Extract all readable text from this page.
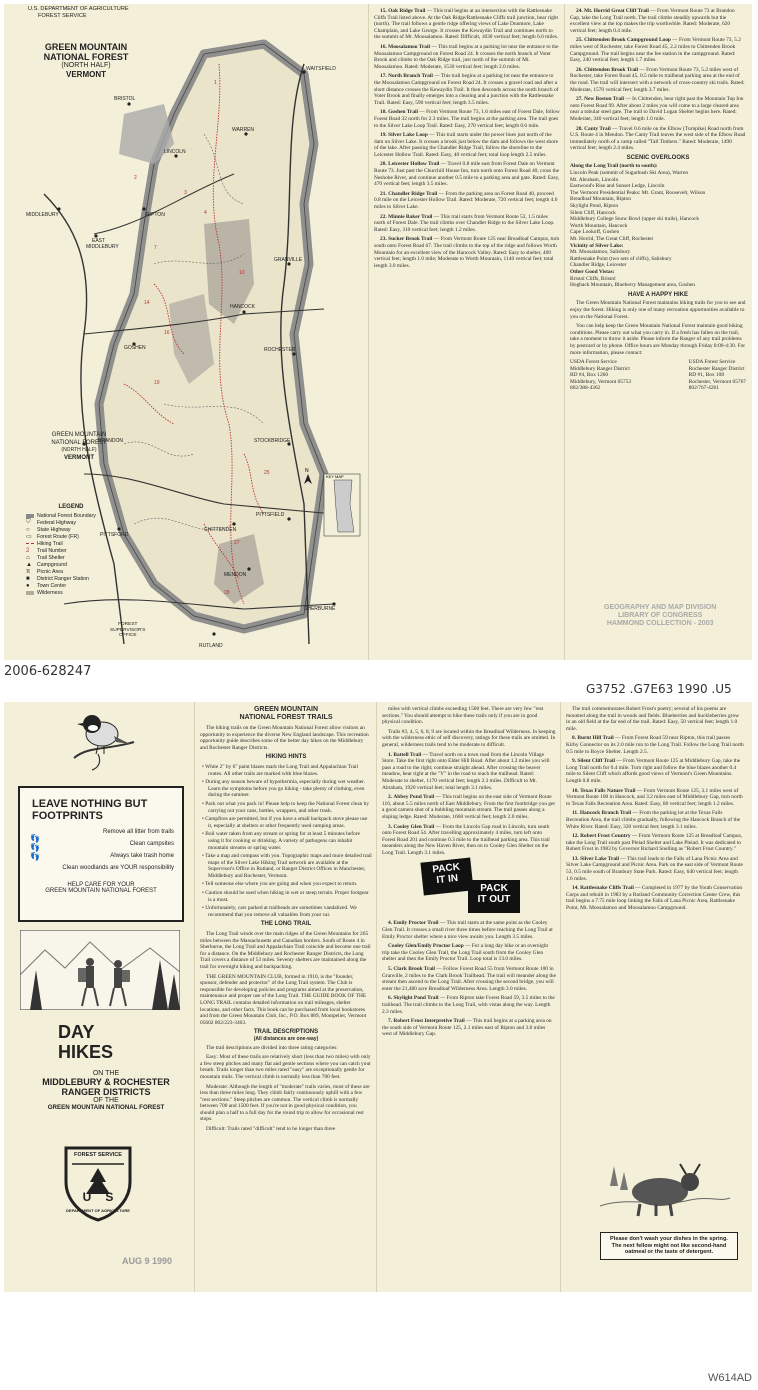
U.S. DEPARTMENT OF AGRICULTURE
FOREST SERVICE
GREEN MOUNTAIN
NATIONAL FOREST
(NORTH HALF)
VERMONT
WAITSFIELD
BRISTOL
WARREN
LINCOLN
MIDDLEBURY
EAST
MIDDLEBURY
RIPTON
GRANVILLE
HANCOCK
ROCHESTER
BRANDON	STOCKBRIDGE
PITTSFIELD
CHITTENDEN
PITTSFORD
MENDON
SHERBURNE
RUTLAND
GOSHEN
1
2
3
4
7
10
14
16
19
25
27
28
N
KEY MAP
GREEN MOUNTAIN
NATIONAL FOREST
(NORTH HALF)
VERMONT
LEGEND
National Forest Boundary
⛉	Federal Highway
○	State Highway
▭	Forest Route (FR)
Hiking Trail
2	Trail Number
⌂	Trail Shelter
▲ Campground
π	Picnic Area
■	District Ranger Station
●	Town Center
Wilderness
FOREST
SUPERVISOR'S
OFFICE

15. Oak Ridge Trail — This trail begins at an intersection with the Rattlesnake Cliffs Trail listed above. At the Oak Ridge/Rattlesnake Cliffs trail junction, bear right (north). The trail follows a gentle ridge offering views of Lake Dunmore, Lake Champlain, and Lake George. It crosses the Kewaydin Trail and continues north to the summit of Mt. Moosalamoo. Rated: Difficult, 1830 vertical feet; length 6.6 miles.

16. Moosalamoo Trail — This trail begins at a parking lot near the entrance to the Moosalamoo Campground on Forest Road 24. It crosses the north branch of Voter Brook and climbs to the Oak Ridge trail, just north of the summit of Mt. Moosalamoo. Rated: Moderate, 1530 vertical feet; length 2.0 miles.

17. North Branch Trail — This trail begins at a parking lot near the entrance to the Moosalamoo Campground on Forest Road 24. It crosses a gravel road and after a short distance crosses the Kewaydin Trail. It then descends across the north branch of Voter Brook and finally emerges into a clearing and a junction with the Rattlesnake Trail. Rated: Easy, 590 vertical feet; length 3.5 miles.

18. Goshen Trail — From Vermont Route 73, 1.6 miles east of Forest Dale, follow Forest Road 32 north for 2.3 miles. The trail begins at the parking area. The trail goes to the Silver Lake Loop Trail. Rated: Easy, 270 vertical feet; length 0.6 mile.

19. Silver Lake Loop — This trail starts under the power lines just north of the dam on Silver Lake. It crosses a brook just below the dam and follows the west shore of the lake. After passing the Chandler Ridge Trail, follow the shoreline to the Leicester Hollow Trail. Rated: Easy, 40 vertical feet; total loop length 2.5 miles.

20. Leicester Hollow Trail — Travel 0.8 mile east from Forest Dale on Vermont Route 73. Just past the Churchill House Inn, turn north onto Forest Road 40, cross the Neshobe River, and continue another 0.5 mile to a parking area and gate. Rated: Easy, 470 vertical feet; length 3.5 miles.

21. Chandler Ridge Trail — From the parking area on Forest Road 40, proceed 0.8 mile on the Leicester Hollow Trail. Rated: Moderate, 720 vertical feet; length 4.0 miles to Silver Lake.

22. Minnie Baker Trail — This trail starts from Vermont Route 53, 1.5 miles north of Forest Dale. The trail climbs over Chandler Ridge to the Silver Lake Loop. Rated: Easy, 310 vertical feet; length 1.2 miles.

23. Sucker Brook Trail — From Vermont Route 125 near Breadloaf Campus, turn south onto Forest Road 67. The trail climbs to the top of the ridge and follows Worth Mountain for an excellent view of the Hancock Valley. Rated: Easy to shelter, 400 vertical feet; length 1.0 mile; Moderate to Worth Mountain, 1140 vertical feet; total length 3.0 miles.

24. Mt. Horrid Great Cliff Trail — From Vermont Route 73 at Brandon Gap, take the Long Trail north. The trail climbs steadily upwards but the excellent view at the top makes the trip worthwhile. Rated: Moderate, 620 vertical feet; length 0.4 mile.

25. Chittenden Brook Campground Loop — From Vermont Route 73, 5.2 miles west of Rochester, take Forest Road 45, 2.2 miles to Chittenden Brook Campground. The trail begins near the fee station in the campground. Rated: Easy, 240 vertical feet; length 1.7 miles.

26. Chittenden Brook Trail — From Vermont Route 73, 5.2 miles west of Rochester, take Forest Road 45, 0.5 mile to trailhead parking area at the end of the road. The trail will intersect with a network of cross-country ski trails. Rated: Moderate, 1570 vertical feet; length 3.7 miles.

27. New Boston Trail — In Chittenden, bear right past the Mountain Top Inn onto Forest Road 99. After about 2 miles you will come to a large cleared area near a tubular steel gate. The trail to David Logan Shelter begins here. Rated: Moderate, 340 vertical feet; length 1.0 mile.

28. Canty Trail — Travel 0.6 mile on the Elbow (Turnpike) Road north from U.S. Route 4 in Mendon. The Canty Trail leaves the west side of the Elbow Road immediately north of a camp called "Tall Timbers." Rated: Moderate, 1490 vertical feet; length 2.4 miles.

SCENIC OVERLOOKS
Along the Long Trail (north to south):
Lincoln Peak (summit of Sugarbush Ski Area), Warren
Mt. Abraham, Lincoln
Eastwood's Rise and Sunset Ledge, Lincoln
The Vermont Presidential Peaks: Mt. Grant, Roosevelt, Wilson
Breadloaf Mountain, Ripton
Skylight Pond, Ripton
Silent Cliff, Hancock
Middlebury College Snow Bowl (upper ski trails), Hancock
Worth Mountain, Hancock
Cape Lookoff, Goshen
Mt. Horrid, The Great Cliff, Rochester
Vicinity of Silver Lake:
Mt. Moosalamoo, Salisbury
Rattlesnake Point (two sets of cliffs), Salisbury
Chandler Ridge, Leicester
Other Good Vistas:
Bristol Cliffs, Bristol
Hogback Mountain, Blueberry Management area, Goshen
HAVE A HAPPY HIKE

The Green Mountain National Forest maintains hiking trails for you to see and enjoy the forest. Hiking is only one of many recreation opportunities available to you on the National Forest.

You can help keep the Green Mountain National Forest maintain good hiking conditions. Please carry out what you carry in. If a fresh has fallen on the trail, take a moment to throw it aside. Please inform the Ranger of any trail problems by postcard or by phone. Office hours are Monday through Friday 8:00-4:30. For more information, please contact:

USDA Forest Service
Middlebury Ranger District
RD #4, Box 1260
Middlebury, Vermont 05753
802/388-4362
USDA Forest Service
Rochester Ranger District
RD #1, Box 108
Rochester, Vermont 05767
802/767-4261
GEOGRAPHY AND MAP DIVISION
LIBRARY OF CONGRESS
HAMMOND COLLECTION - 2003
2006-628247
G3752 .G7E63 1990 .U5
LEAVE NOTHING BUT
FOOTPRINTS
👣
👣
👣
Remove all litter from trails
Clean campsites
Always take trash home
Clean woodlands are YOUR responsibility
HELP CARE FOR YOUR
GREEN MOUNTAIN NATIONAL FOREST
DAY
HIKES
ON THE
MIDDLEBURY & ROCHESTER
RANGER DISTRICTS
OF THE
GREEN MOUNTAIN NATIONAL FOREST
FOREST SERVICE
US
DEPARTMENT OF AGRICULTURE
AUG 9 1990
GREEN MOUNTAIN
NATIONAL FOREST TRAILS

The hiking trails on the Green Mountain National Forest allow visitors an opportunity to experience the diverse New England landscape. This recreation opportunity guide describes some of the better day hikes on the Middlebury and Rochester Ranger Districts.

HIKING HINTS
• White 2" by 6" paint blazes mark the Long Trail and Appalachian Trail routes. All other trails are marked with blue blazes.
• During any season beware of hypothermia, especially during wet weather. Learn the symptoms before you go hiking - take plenty of clothing, even during the summer.
• Pack out what you pack in! Please help to keep the National Forest clean by carrying out your cans, bottles, wrappers, and other trash.
• Campfires are permitted, but if you have a small backpack stove please use it, especially at shelters or other frequently used camping areas.
• Boil water taken from any stream or spring for at least 5 minutes before using it for cooking or drinking. A variety of pathogens can inhabit mountain streams or spring water.
• Take a map and compass with you. Topographic maps and more detailed trail maps of the Silver Lake Hiking Trail network are available at the Supervisor's Office in Rutland, or Ranger District Offices in Manchester, Middlebury and Rochester, Vermont.
• Tell someone else where you are going and when you expect to return.
• Caution should be used when hiking in wet or steep terrain. Proper footgear is a must.
• Unfortunately, cars parked at trailheads are sometimes vandalized. We recommend that you remove all valuables from your car.
THE LONG TRAIL

The Long Trail winds over the main ridges of the Green Mountains for 265 miles between the Massachusetts and Canadian borders. South of Route 4 in Sherburne, the Long Trail and Appalachian Trail coincide and become one trail for a distance. On the Middlebury and Rochester Ranger Districts, the Long Trail covers a distance of 53 miles. Seventy shelters are maintained along the trail for overnight hiking and backpacking.

THE GREEN MOUNTAIN CLUB, formed in 1910, is the "founder, sponsor, defender and protector" of the Long Trail system. The Club is responsible for developing policies and programs aimed at the preservation, maintenance and proper use of the Long Trail. THE GUIDE BOOK OF THE LONG TRAIL contains detailed information on trail mileages, shelter locations, and other facts. This book can be purchased from local bookstores and from the Green Mountain Club, Inc., P.O. Box 889, Montpelier, Vermont 05602 802/223-3463.

TRAIL DESCRIPTIONS
(All distances are one-way)

The trail descriptions are divided into three rating categories:

Easy: Most of these trails are relatively short (less than two miles) with only a few steep pitches and many flat and gentle sections where you can catch your breath. Trails longer than two miles rated "easy" are exceptionally gentle for mountain trails. The vertical climb is normally less than 700 feet.

Moderate: Although the length of "moderate" trails varies, most of these are less than three miles long. They climb fairly continuously uphill with a few "rest sections." Steep pitches are common. The vertical climb is normally between 700 and 1500 feet. If you're not in good physical condition, you should plan a half to a full day for the round trip to allow for occasional rest stops.

Difficult: Trails rated "difficult" tend to be longer than three

miles with vertical climbs exceeding 1500 feet. There are very few "rest sections." You should attempt to hike these trails only if you are in good physical condition.

Trails #3, 4, 5, 6, 8, 9 are located within the Breadloaf Wilderness. In keeping with the wilderness ethic of self discovery, ratings for these trails are omitted. In general, wilderness trails tend to be moderate to difficult.

1. Battell Trail — Travel north on a town road from the Lincoln Village Store. Take the first right onto Elder Hill Road. After about 1.2 miles you will pass a road to the right; continue straight ahead. After crossing the beaver meadow, bear right at the "Y" in the road to reach the trailhead. Rated: Moderate to shelter, 1170 vertical feet; length 2.3 miles. Difficult to Mt. Abraham, 1920 vertical feet; total length 3.1 miles.

2. Abbey Pond Trail — This trail begins on the east side of Vermont Route 116, about 5.5 miles north of East Middlebury. From the first footbridge you get a good camera shot of a bubbling mountain stream. The trail passes along a sloping ledge. Rated: Moderate, 1660 vertical feet; length 2.0 miles.

3. Cooley Glen Trail — From the Lincoln Gap road in Lincoln, turn south onto Forest Road 54. After travelling approximately 4 miles, turn left onto Forest Road 201 and continue 0.3 mile to the trailhead parking area. This trail meanders along the New Haven River, then on to Cooley Glen Shelter on the Long Trail. Length 3.1 miles.

PACK
IT IN
PACK
IT OUT

4. Emily Proctor Trail — This trail starts at the same point as the Cooley Glen Trail. It crosses a small river three times before reaching the Long Trail at Emily Proctor shelter where a nice view awaits you. Length 3.5 miles.

Cooley Glen/Emily Proctor Loop — For a long day hike or an overnight trip take the Cooley Glen Trail, the Long Trail south from the Cooley Glen shelter and then the Emily Proctor Trail. Loop total is 13.0 miles.

5. Clark Brook Trail — Follow Forest Road 55 from Vermont Route 100 in Granville, 2 miles to the Clark Brook Trailhead. The trail will meander along the stream then ascend to the Long Trail. After crossing the second bridge, you will enter the 21,480 acre Breadloaf Wilderness Area. Length 3.0 miles.

6. Skylight Pond Trail — From Ripton take Forest Road 59, 3.5 miles to the trailhead. The trail climbs to the Long Trail, with vistas along the way. Length 2.3 miles.

7. Robert Frost Interpretive Trail — This trail begins at a parking area on the south side of Vermont Route 125, 2.1 miles east of Ripton and 3.8 miles west of Middlebury Gap.

The trail commemorates Robert Frost's poetry; several of his poems are mounted along the trail in woods and fields. Blueberries and huckleberries grow in an old field at the far end of the trail. Rated: Easy, 50 vertical feet; length 1.0 mile.

8. Burnt Hill Trail — From Forest Road 59 near Ripton, this trail passes Kirby Connector on its 2.0 mile run to the Long Trail. Follow the Long Trail north 0.5 mile to Boyce Shelter. Length 2.5.

9. Silent Cliff Trail — From Vermont Route 125 at Middlebury Gap, take the Long Trail north for 0.4 mile. Turn right and follow the blue blazes another 0.4 mile to Silent Cliff which affords good views of Vermont's Green Mountains. Length 0.8 mile.

10. Texas Falls Nature Trail — From Vermont Route 125, 3.1 miles west of Vermont Route 100 in Hancock, and 3.2 miles east of Middlebury Gap, turn north to Texas Falls Recreation Area. Rated: Easy, 80 vertical feet; length 1.2 miles.

11. Hancock Branch Trail — From the parking lot at the Texas Falls Recreation Area, the trail climbs gradually, following the Hancock Branch of the White River. Rated: Easy, 320 vertical feet; length 3.1 miles.

12. Robert Frost Country — From Vermont Route 125 at Breadloaf Campus, take the Long Trail south past Pleiad Shelter and Lake Pleiad. It was dedicated to Robert Frost in 1983 by Governor Richard Snelling as "Robert Frost Country."

13. Silver Lake Trail — This trail leads to the Falls of Lana Picnic Area and Silver Lake Campground and Picnic Area. Park on the east side of Vermont Route 53, 0.5 mile south of Branbury State Park. Rated: Easy, 640 vertical feet; length 1.6 miles.

14. Rattlesnake Cliffs Trail — Completed in 1977 by the Youth Conservation Corps and rebuilt in 1983 by a Rutland Community Correction Center Crew, this trail begins a 7.75 mile loop linking the Falls of Lana Picnic Area, Rattlesnake Point, Mt. Moosalamoo and Moosalamoo Campground.

Please don't wash your dishes in the spring. The next fellow might not like second-hand oatmeal or the taste of detergent.
W614AD
